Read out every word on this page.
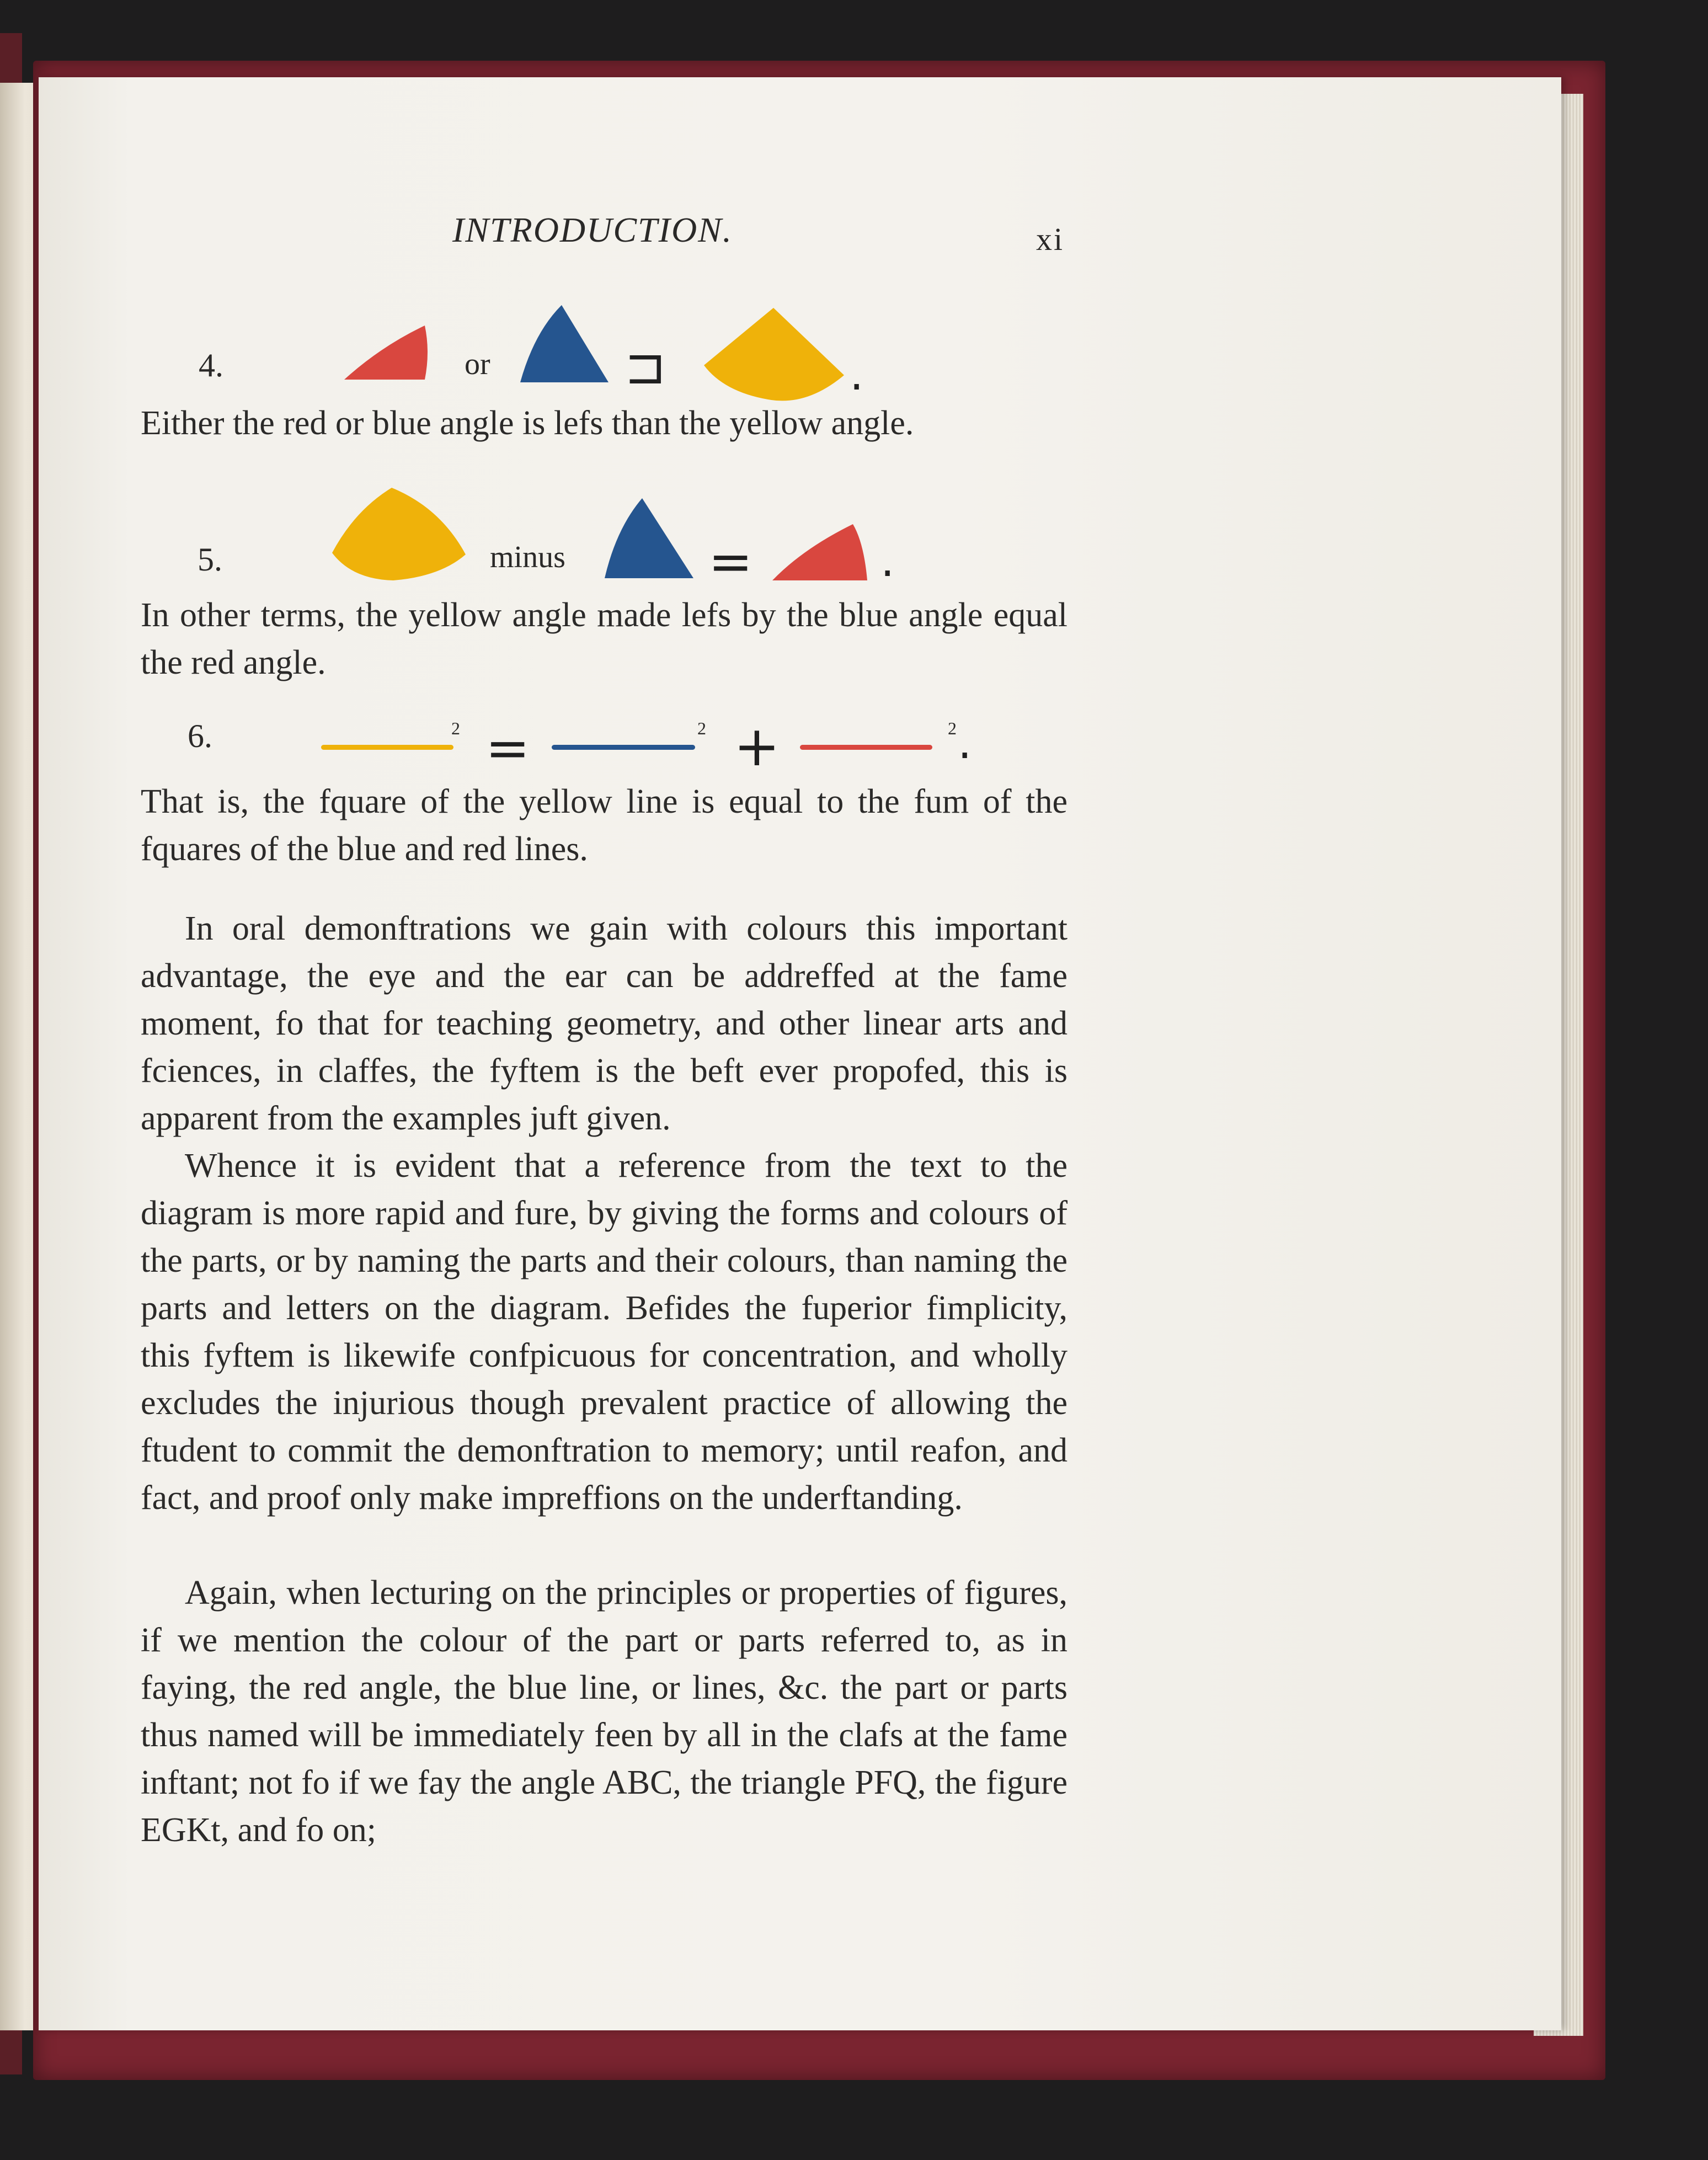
INTRODUCTION.	xi
4.	or	⊐	.

Either the red or blue angle is lefs than the yellow angle.

5.	minus	=	.

In other terms, the yellow angle made lefs by the blue angle equal the red angle.

6.	2 =	2 +	2 .

That is, the fquare of the yellow line is equal to the fum of the fquares of the blue and red lines.

In oral demonftrations we gain with colours this important advantage, the eye and the ear can be addreffed at the fame moment, fo that for teaching geometry, and other linear arts and fciences, in claffes, the fyftem is the beft ever propofed, this is apparent from the examples juft given.

Whence it is evident that a reference from the text to the diagram is more rapid and fure, by giving the forms and colours of the parts, or by naming the parts and their colours, than naming the parts and letters on the diagram. Befides the fuperior fimplicity, this fyftem is likewife confpicuous for concentration, and wholly excludes the injurious though prevalent practice of allowing the ftudent to commit the demonftration to memory; until reafon, and fact, and proof only make impreffions on the underftanding.

Again, when lecturing on the principles or properties of figures, if we mention the colour of the part or parts referred to, as in faying, the red angle, the blue line, or lines, &c. the part or parts thus named will be immediately feen by all in the clafs at the fame inftant; not fo if we fay the angle ABC, the triangle PFQ, the figure EGKt, and fo on;
